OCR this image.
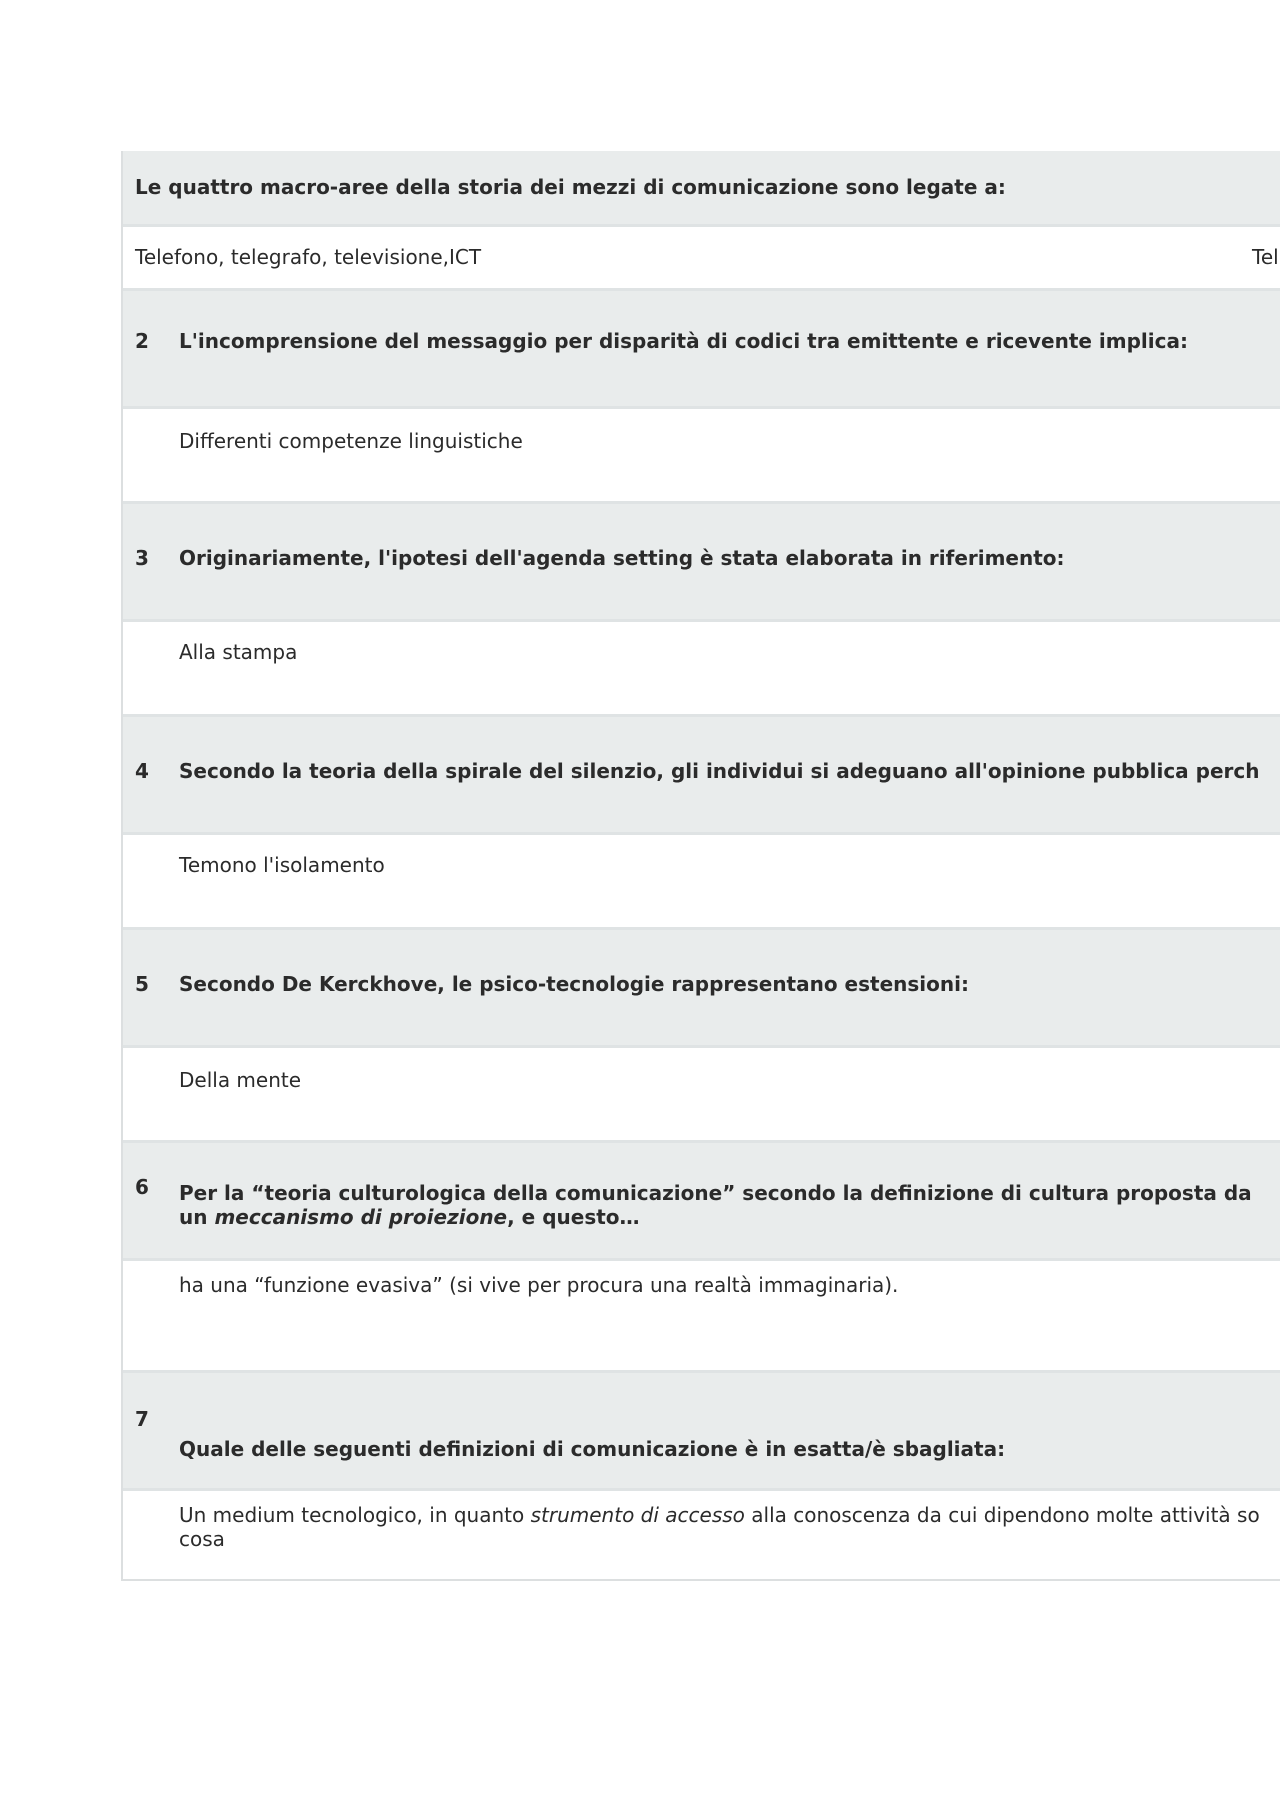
Le quattro macro-aree della storia dei mezzi di comunicazione sono legate a:
Telefono, telegrafo, televisione,ICT	Tel
2 L'incomprensione del messaggio per disparità di codici tra emittente e ricevente implica:
Differenti competenze linguistiche
3 Originariamente, l'ipotesi dell'agenda setting è stata elaborata in riferimento:
Alla stampa
4 Secondo la teoria della spirale del silenzio, gli individui si adeguano all'opinione pubblica perch
Temono l'isolamento
5 Secondo De Kerckhove, le psico-tecnologie rappresentano estensioni:
Della mente
6 Per la “teoria culturologica della comunicazione” secondo la definizione di cultura proposta da
un meccanismo di proiezione, e questo…
ha una “funzione evasiva” (si vive per procura una realtà immaginaria).
7
Quale delle seguenti definizioni di comunicazione è in esatta/è sbagliata:
Un medium tecnologico, in quanto strumento di accesso alla conoscenza da cui dipendono molte attività so
cosa
